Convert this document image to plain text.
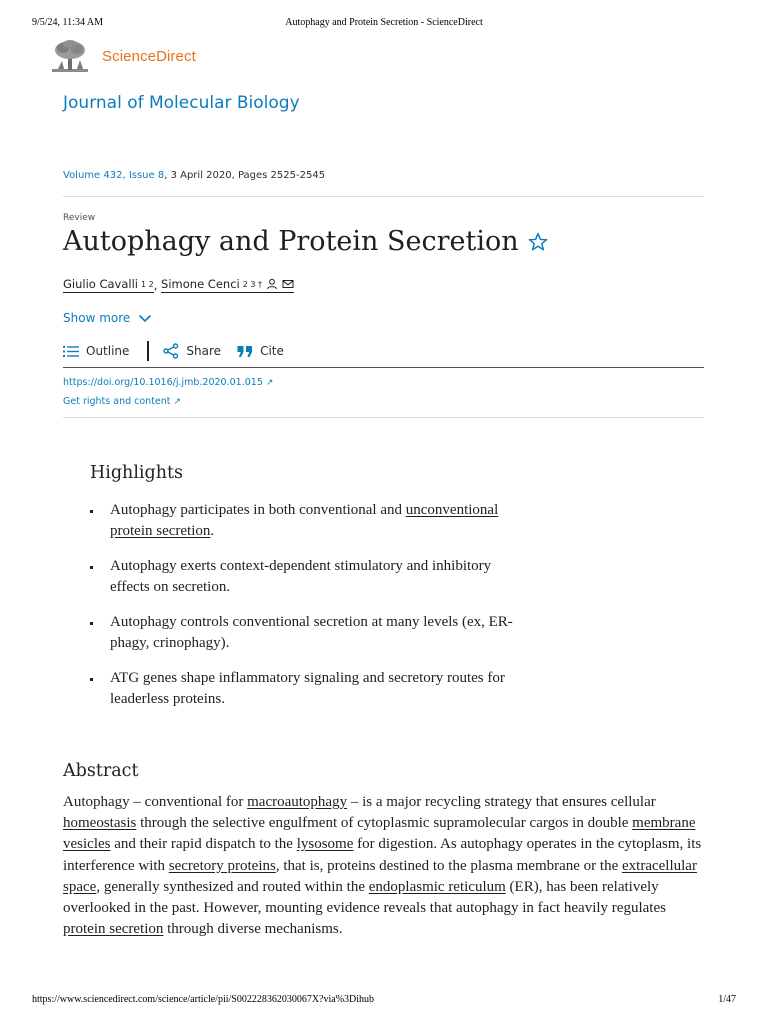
9/5/24, 11:34 AM	Autophagy and Protein Secretion - ScienceDirect
ScienceDirect
Journal of Molecular Biology
Volume 432, Issue 8, 3 April 2020, Pages 2525-2545
Review
Autophagy and Protein Secretion
Giulio Cavalli 1 2 ,
Simone Cenci 2 3 †
Show more
Outline	Share	Cite
https://doi.org/10.1016/j.jmb.2020.01.015 ↗
Get rights and content ↗
Highlights
Autophagy participates in both conventional and unconventional protein secretion.
Autophagy exerts context-dependent stimulatory and inhibitory effects on secretion.
Autophagy controls conventional secretion at many levels (ex, ER-phagy, crinophagy).
ATG genes shape inflammatory signaling and secretory routes for leaderless proteins.
Abstract

Autophagy – conventional for macroautophagy – is a major recycling strategy that ensures cellular homeostasis through the selective engulfment of cytoplasmic supramolecular cargos in double membrane vesicles and their rapid dispatch to the lysosome for digestion. As autophagy operates in the cytoplasm, its interference with secretory proteins, that is, proteins destined to the plasma membrane or the extracellular space, generally synthesized and routed within the endoplasmic reticulum (ER), has been relatively overlooked in the past. However, mounting evidence reveals that autophagy in fact heavily regulates protein secretion through diverse mechanisms.

https://www.sciencedirect.com/science/article/pii/S002228362030067X?via%3Dihub	1/47
